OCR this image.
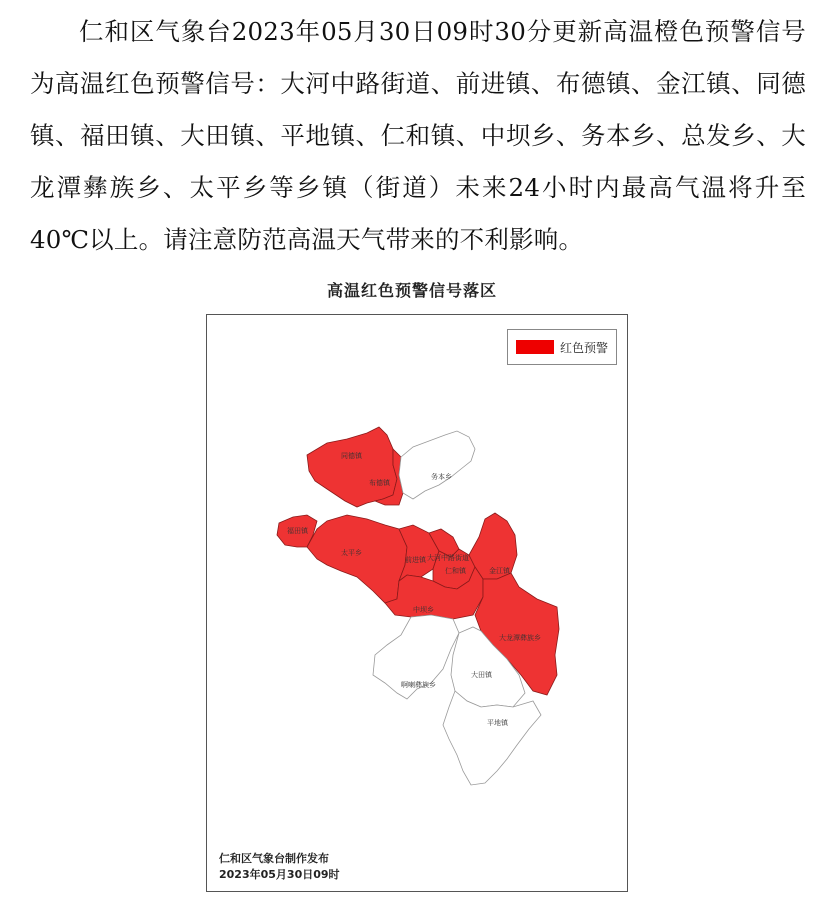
仁和区气象台2023年05月30日09时30分更新高温橙色预警信号为高温红色预警信号：大河中路街道、前进镇、布德镇、金江镇、同德镇、福田镇、大田镇、平地镇、仁和镇、中坝乡、务本乡、总发乡、大龙潭彝族乡、太平乡等乡镇（街道）未来24小时内最高气温将升至40℃以上。请注意防范高温天气带来的不利影响。

高温红色预警信号落区
同德镇
布德镇
务本乡
福田镇
太平乡
前进镇 大河中路街道
仁和镇	金江镇
中坝乡
大龙潭彝族乡
啊喇彝族乡
大田镇
平地镇
红色预警
仁和区气象台制作发布
2023年05月30日09时
